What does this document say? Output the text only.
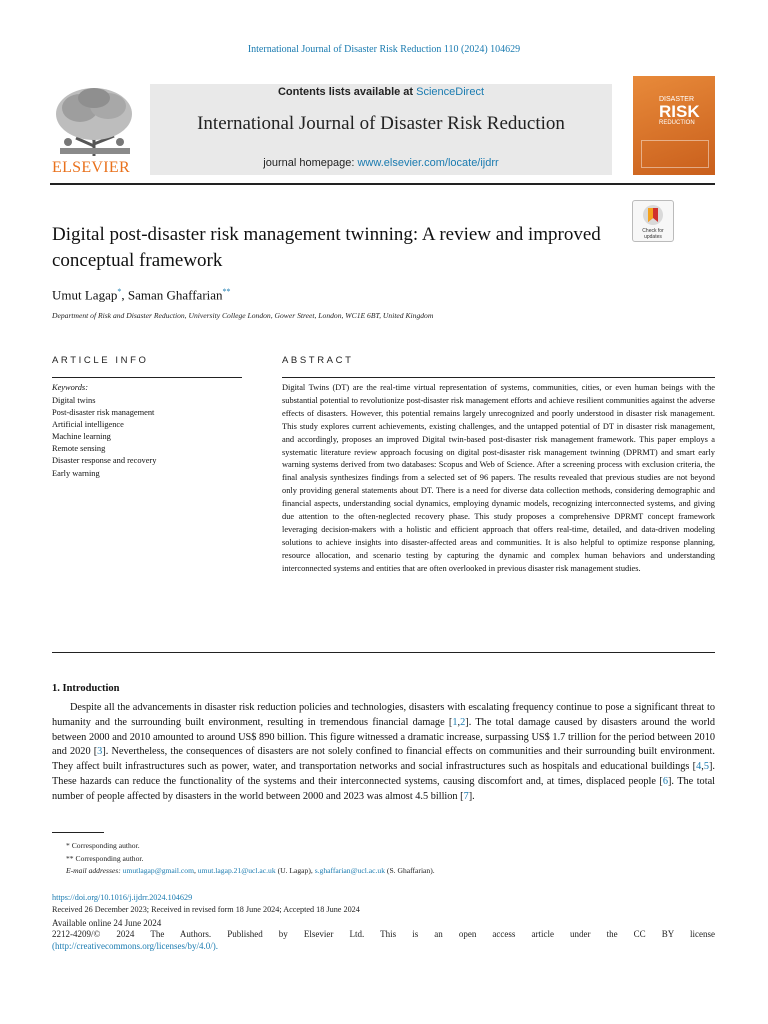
International Journal of Disaster Risk Reduction 110 (2024) 104629
ELSEVIER
Contents lists available at ScienceDirect
International Journal of Disaster Risk Reduction
journal homepage: www.elsevier.com/locate/ijdrr
DISASTER
RISK
REDUCTION
Digital post-disaster risk management twinning: A review and improved conceptual framework
Check for updates
Umut Lagap*, Saman Ghaffarian**
Department of Risk and Disaster Reduction, University College London, Gower Street, London, WC1E 6BT, United Kingdom
ARTICLE INFO	ABSTRACT
Keywords:
Digital twins
Post-disaster risk management
Artificial intelligence
Machine learning
Remote sensing
Disaster response and recovery
Early warning
Digital Twins (DT) are the real-time virtual representation of systems, communities, cities, or even human beings with the substantial potential to revolutionize post-disaster risk management efforts and achieve resilient communities against the adverse effects of disasters. However, this potential remains largely unrecognized and poorly understood in disaster risk management. This study explores current achievements, existing challenges, and the untapped potential of DT in disaster risk management, and accordingly, proposes an improved Digital twin-based post-disaster risk management framework. This paper employs a systematic literature review approach focusing on digital post-disaster risk management twinning (DPRMT) and smart early warning systems derived from two databases: Scopus and Web of Science. After a screening process with exclusion criteria, the final analysis synthesizes findings from a selected set of 96 papers. The results revealed that previous studies are not beyond only providing general statements about DT. There is a need for diverse data collection methods, considering demographic and financial aspects, understanding social dynamics, employing dynamic models, recognizing interconnected systems, and giving due attention to the often-neglected recovery phase. This study proposes a comprehensive DPRMT concept framework leveraging decision-makers with a holistic and efficient approach that offers real-time, detailed, and data-driven modeling solutions to achieve insights into disaster-affected areas and communities. It is also helpful to optimize response planning, resource allocation, and scenario testing by capturing the dynamic and complex human behaviors and understanding interconnected systems and entities that are often overlooked in previous disaster risk management studies.
1. Introduction
Despite all the advancements in disaster risk reduction policies and technologies, disasters with escalating frequency continue to pose a significant threat to humanity and the surrounding built environment, resulting in tremendous financial damage [1,2]. The total damage caused by disasters around the world between 2000 and 2010 amounted to around US$ 890 billion. This figure witnessed a dramatic increase, surpassing US$ 1.7 trillion for the period between 2010 and 2020 [3]. Nevertheless, the consequences of disasters are not solely confined to financial effects on communities and their surrounding built environment. They affect built infrastructures such as power, water, and transportation networks and social infrastructures such as hospitals and educational buildings [4,5]. These hazards can reduce the functionality of the systems and their interconnected systems, causing discomfort and, at times, displaced people [6]. The total number of people affected by disasters in the world between 2000 and 2023 was almost 4.5 billion [7].
* Corresponding author.
** Corresponding author.
E-mail addresses: umutlagap@gmail.com, umut.lagap.21@ucl.ac.uk (U. Lagap), s.ghaffarian@ucl.ac.uk (S. Ghaffarian).
https://doi.org/10.1016/j.ijdrr.2024.104629
Received 26 December 2023; Received in revised form 18 June 2024; Accepted 18 June 2024
Available online 24 June 2024
2212-4209/© 2024 The Authors. Published by Elsevier Ltd. This is an open access article under the CC BY license
(http://creativecommons.org/licenses/by/4.0/).
